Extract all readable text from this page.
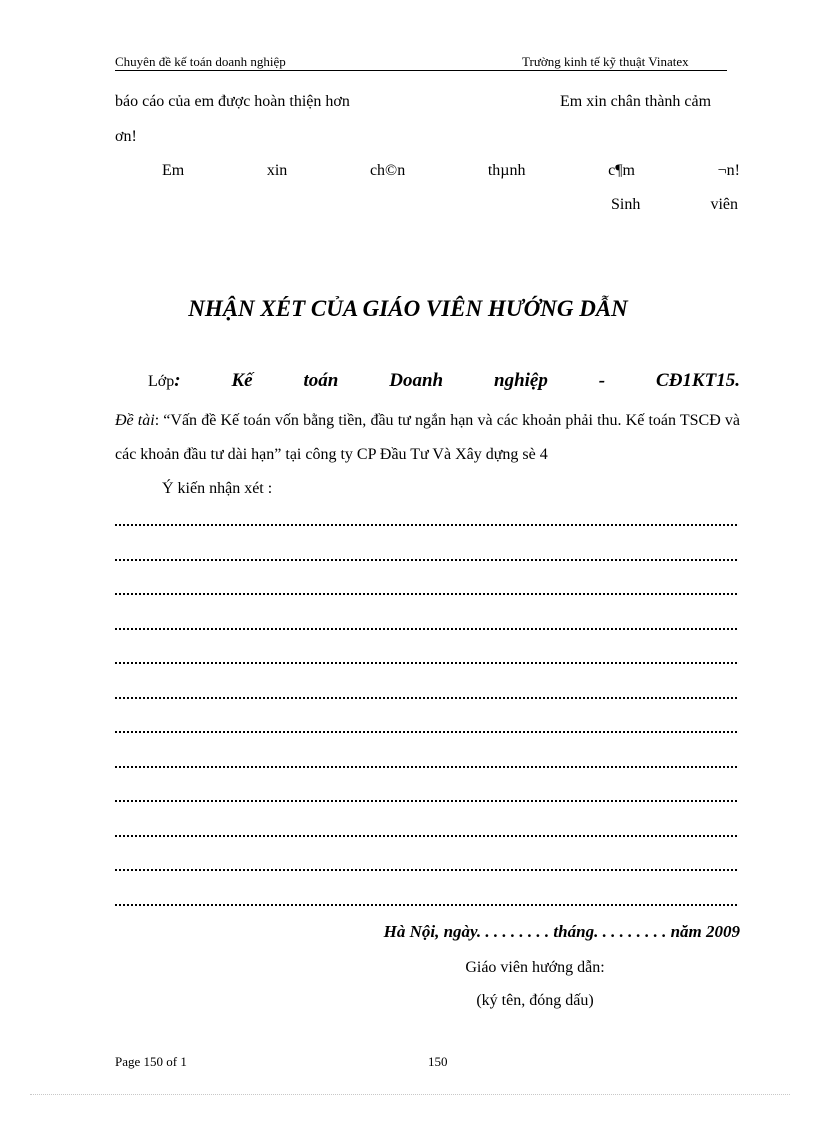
Chuyên đề kế toán doanh nghiệp	Trường kinh tế kỹ thuật Vinatex
báo cáo của em được hoàn thiện hơn	Em xin chân thành cảm
ơn!
Em	xin	ch©n	thµnh	c¶m	¬n!
Sinh	viên
NHẬN XÉT CỦA GIÁO VIÊN HƯỚNG DẪN
Lớp:	Kế	toán	Doanh	nghiệp	-	CĐ1KT15.
Đề tài: “Vấn đề Kế toán vốn bằng tiền, đầu tư ngắn hạn và các khoản phải thu. Kế toán TSCĐ và các khoản đầu tư dài hạn” tại công ty CP Đầu Tư Và Xây dựng sè 4
Ý kiến nhận xét :
Hà Nội, ngày. . . . . . . . . tháng. . . . . . . . . năm 2009
Giáo viên hướng dẫn:
(ký tên, đóng dấu)
Page 150 of 1	150
